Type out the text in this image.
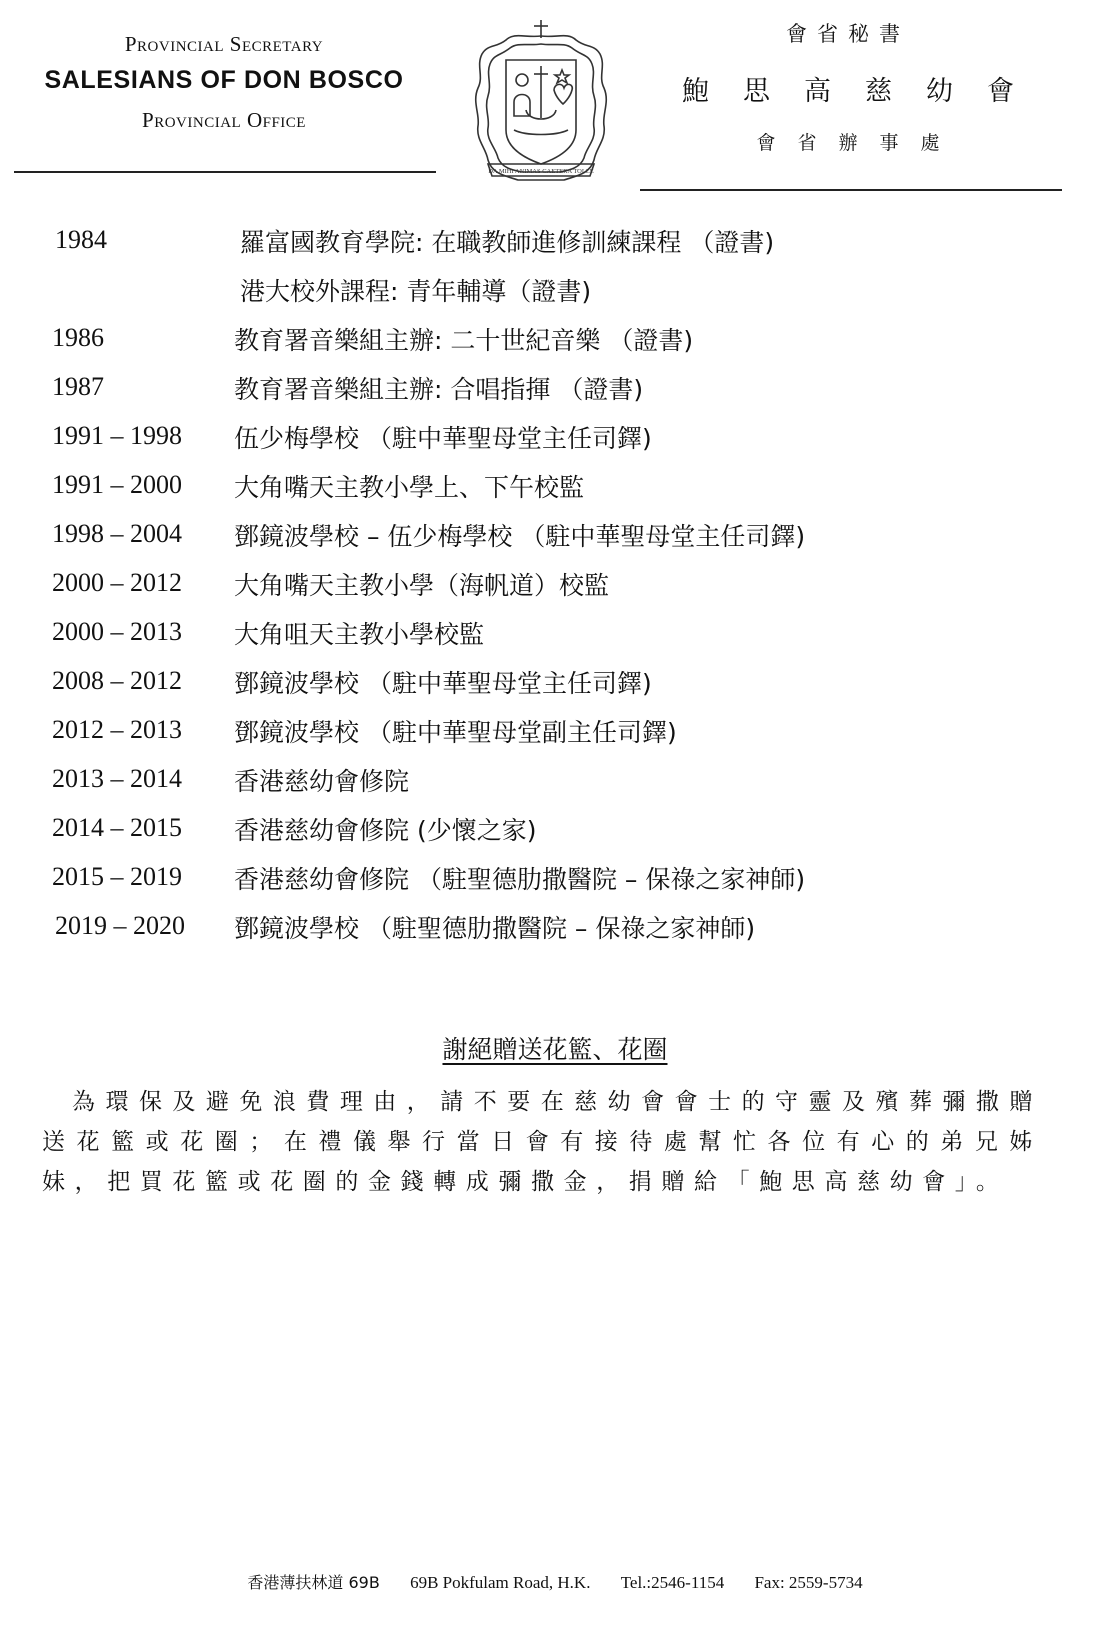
Provincial Secretary
SALESIANS OF DON BOSCO
Provincial Office
DA MIHI ANIMAS CAETERA TOLLE
會省秘書
鮑思高慈幼會
會省辦事處
1984	羅富國教育學院: 在職教師進修訓練課程 （證書)
港大校外課程: 青年輔導（證書)
1986	教育署音樂組主辦: 二十世紀音樂 （證書)
1987	教育署音樂組主辦: 合唱指揮 （證書)
1991 – 1998 伍少梅學校 （駐中華聖母堂主任司鐸)
1991 – 2000 大角嘴天主教小學上、下午校監
1998 – 2004 鄧鏡波學校 – 伍少梅學校 （駐中華聖母堂主任司鐸)
2000 – 2012 大角嘴天主教小學（海帆道）校監
2000 – 2013 大角咀天主教小學校監
2008 – 2012 鄧鏡波學校 （駐中華聖母堂主任司鐸)
2012 – 2013 鄧鏡波學校 （駐中華聖母堂副主任司鐸)
2013 – 2014 香港慈幼會修院
2014 – 2015 香港慈幼會修院 (少懷之家)
2015 – 2019 香港慈幼會修院 （駐聖德肋撒醫院 – 保祿之家神師)
2019 – 2020 鄧鏡波學校 （駐聖德肋撒醫院 – 保祿之家神師)
謝絕贈送花籃、花圈
為環保及避免浪費理由，請不要在慈幼會會士的守靈及殯葬彌撒贈送花籃或花圈；在禮儀舉行當日會有接待處幫忙各位有心的弟兄姊妹，把買花籃或花圈的金錢轉成彌撒金，捐贈給「鮑思高慈幼會」。
香港薄扶林道 69B 69B Pokfulam Road, H.K. Tel.:2546-1154 Fax: 2559-5734
